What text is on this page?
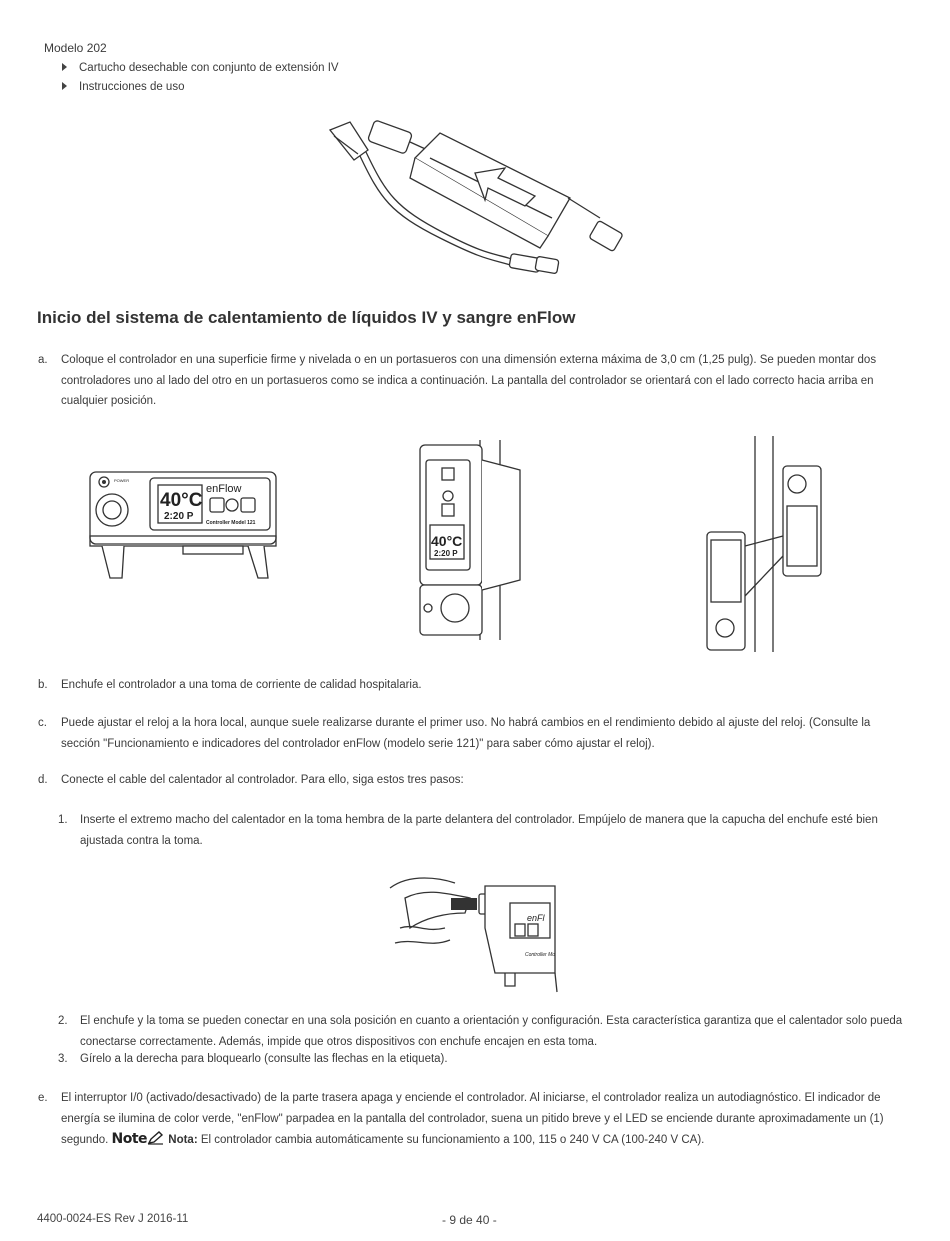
Modelo 202
Cartucho desechable con conjunto de extensión IV
Instrucciones de uso
Inicio del sistema de calentamiento de líquidos IV y sangre enFlow
a. Coloque el controlador en una superficie firme y nivelada o en un portasueros con una dimensión externa máxima de 3,0 cm (1,25 pulg). Se pueden montar dos controladores uno al lado del otro en un portasueros como se indica a continuación. La pantalla del controlador se orientará con el lado correcto hacia arriba en cualquier posición.
POWER
40°C
2:20 P
enFlow
Controller Model 121
40°C
2:20 P
b. Enchufe el controlador a una toma de corriente de calidad hospitalaria.
c. Puede ajustar el reloj a la hora local, aunque suele realizarse durante el primer uso. No habrá cambios en el rendimiento debido al ajuste del reloj. (Consulte la sección "Funcionamiento e indicadores del controlador enFlow (modelo serie 121)" para saber cómo ajustar el reloj).
d. Conecte el cable del calentador al controlador. Para ello, siga estos tres pasos:
1. Inserte el extremo macho del calentador en la toma hembra de la parte delantera del controlador. Empújelo de manera que la capucha del enchufe esté bien ajustada contra la toma.
enFl
Controller Mo
2. El enchufe y la toma se pueden conectar en una sola posición en cuanto a orientación y configuración. Esta característica garantiza que el calentador solo pueda conectarse correctamente. Además, impide que otros dispositivos con enchufe encajen en esta toma.
3. Gírelo a la derecha para bloquearlo (consulte las flechas en la etiqueta).
e. El interruptor I/0 (activado/desactivado) de la parte trasera apaga y enciende el controlador. Al iniciarse, el controlador realiza un autodiagnóstico. El indicador de energía se ilumina de color verde, "enFlow" parpadea en la pantalla del controlador, suena un pitido breve y el LED se enciende durante aproximadamente un (1) segundo. Note Nota: El controlador cambia automáticamente su funcionamiento a 100, 115 o 240 V CA (100-240 V CA).
4400-0024-ES Rev J 2016-11	- 9 de 40 -
